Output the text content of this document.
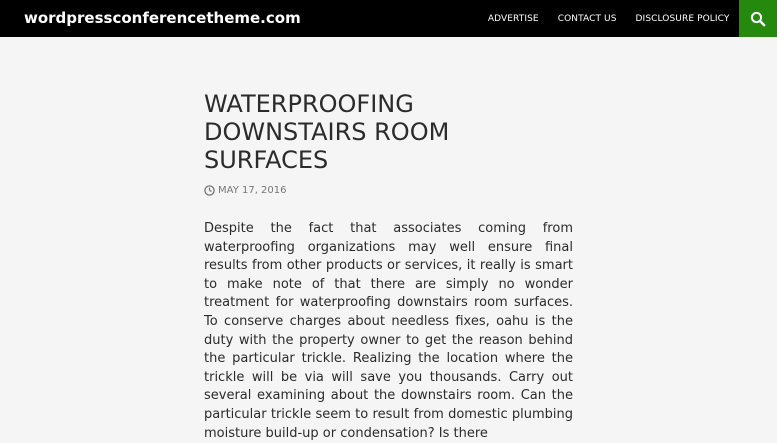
wordpressconferencetheme.com	ADVERTISE	CONTACT US	DISCLOSURE POLICY
WATERPROOFING DOWNSTAIRS ROOM SURFACES
MAY 17, 2016
Despite the fact that associates coming from waterproofing organizations may well ensure final results from other products or services, it really is smart to make note of that there are simply no wonder treatment for waterproofing downstairs room surfaces. To conserve charges about needless fixes, oahu is the duty with the property owner to get the reason behind the particular trickle. Realizing the location where the trickle will be via will save you thousands. Carry out several examining about the downstairs room. Can the particular trickle seem to result from domestic plumbing moisture build-up or condensation? Is there
